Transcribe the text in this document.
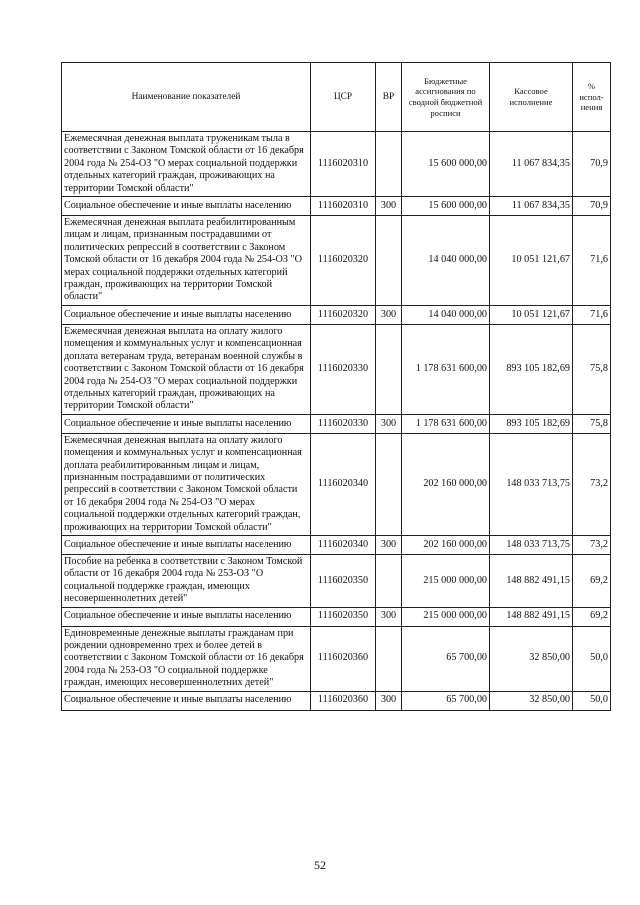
Наименование показателей	ЦСР	ВР	Бюджетные ассигнования по сводной бюджетной росписи	Кассовое исполнение	% испол-нения
Ежемесячная денежная выплата труженикам тыла в соответствии с Законом Томской области от 16 декабря 2004 года № 254-ОЗ "О мерах социальной поддержки отдельных категорий граждан, проживающих на территории Томской области"	1116020310		15 600 000,00	11 067 834,35	70,9
Социальное обеспечение и иные выплаты населению	1116020310	300	15 600 000,00	11 067 834,35	70,9
Ежемесячная денежная выплата реабилитированным лицам и лицам, признанным пострадавшими от политических репрессий в соответствии с Законом Томской области от 16 декабря 2004 года № 254-ОЗ "О мерах социальной поддержки отдельных категорий граждан, проживающих на территории Томской области"	1116020320		14 040 000,00	10 051 121,67	71,6
Социальное обеспечение и иные выплаты населению	1116020320	300	14 040 000,00	10 051 121,67	71,6
Ежемесячная денежная выплата на оплату жилого помещения и коммунальных услуг и компенсационная доплата ветеранам труда, ветеранам военной службы в соответствии с Законом Томской области от 16 декабря 2004 года № 254-ОЗ "О мерах социальной поддержки отдельных категорий граждан, проживающих на территории Томской области"	1116020330		1 178 631 600,00	893 105 182,69	75,8
Социальное обеспечение и иные выплаты населению	1116020330	300	1 178 631 600,00	893 105 182,69	75,8
Ежемесячная денежная выплата на оплату жилого помещения и коммунальных услуг и компенсационная доплата реабилитированным лицам и лицам, признанным пострадавшими от политических репрессий в соответствии с Законом Томской области от 16 декабря 2004 года № 254-ОЗ "О мерах социальной поддержки отдельных категорий граждан, проживающих на территории Томской области"	1116020340		202 160 000,00	148 033 713,75	73,2
Социальное обеспечение и иные выплаты населению	1116020340	300	202 160 000,00	148 033 713,75	73,2
Пособие на ребенка в соответствии с Законом Томской области от 16 декабря 2004 года № 253-ОЗ "О социальной поддержке граждан, имеющих несовершеннолетних детей"	1116020350		215 000 000,00	148 882 491,15	69,2
Социальное обеспечение и иные выплаты населению	1116020350	300	215 000 000,00	148 882 491,15	69,2
Единовременные денежные выплаты гражданам при рождении одновременно трех и более детей в соответствии с Законом Томской области от 16 декабря 2004 года № 253-ОЗ "О социальной поддержке граждан, имеющих несовершеннолетних детей"	1116020360		65 700,00	32 850,00	50,0
Социальное обеспечение и иные выплаты населению	1116020360	300	65 700,00	32 850,00	50,0
52
